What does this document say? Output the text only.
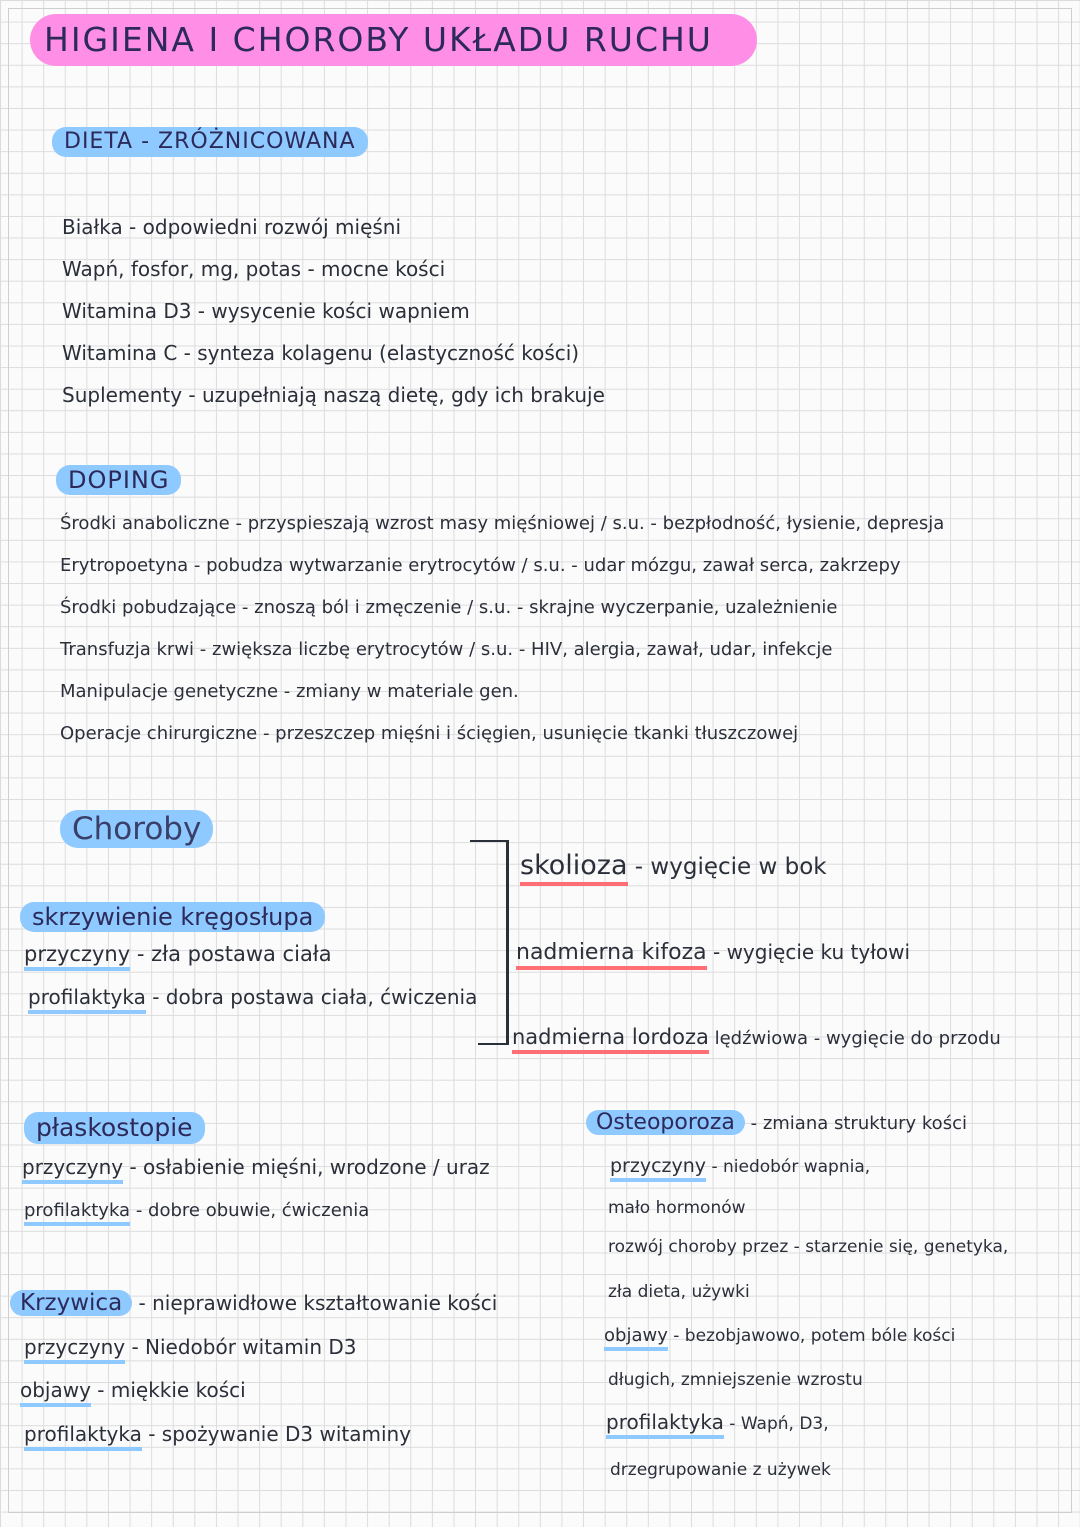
HIGIENA I CHOROBY UKŁADU RUCHU
DIETA - ZRÓŻNICOWANA
Białka - odpowiedni rozwój mięśni
Wapń, fosfor, mg, potas - mocne kości
Witamina D3 - wysycenie kości wapniem
Witamina C - synteza kolagenu (elastyczność kości)
Suplementy - uzupełniają naszą dietę, gdy ich brakuje
DOPING
Środki anaboliczne - przyspieszają wzrost masy mięśniowej / s.u. - bezpłodność, łysienie, depresja
Erytropoetyna - pobudza wytwarzanie erytrocytów / s.u. - udar mózgu, zawał serca, zakrzepy
Środki pobudzające - znoszą ból i zmęczenie / s.u. - skrajne wyczerpanie, uzależnienie
Transfuzja krwi - zwiększa liczbę erytrocytów / s.u. - HIV, alergia, zawał, udar, infekcje
Manipulacje genetyczne - zmiany w materiale gen.
Operacje chirurgiczne - przeszczep mięśni i ścięgien, usunięcie tkanki tłuszczowej
Choroby
skrzywienie kręgosłupa
przyczyny - zła postawa ciała
profilaktyka - dobra postawa ciała, ćwiczenia
skolioza - wygięcie w bok
nadmierna kifoza - wygięcie ku tyłowi
nadmierna lordoza lędźwiowa - wygięcie do przodu
płaskostopie
przyczyny - osłabienie mięśni, wrodzone / uraz
profilaktyka - dobre obuwie, ćwiczenia
Krzywica - nieprawidłowe kształtowanie kości
przyczyny - Niedobór witamin D3
objawy - miękkie kości
profilaktyka - spożywanie D3 witaminy
Osteoporoza - zmiana struktury kości
przyczyny - niedobór wapnia,
mało hormonów
rozwój choroby przez - starzenie się, genetyka,
zła dieta, używki
objawy - bezobjawowo, potem bóle kości
długich, zmniejszenie wzrostu
profilaktyka - Wapń, D3,
drzegrupowanie z używek
